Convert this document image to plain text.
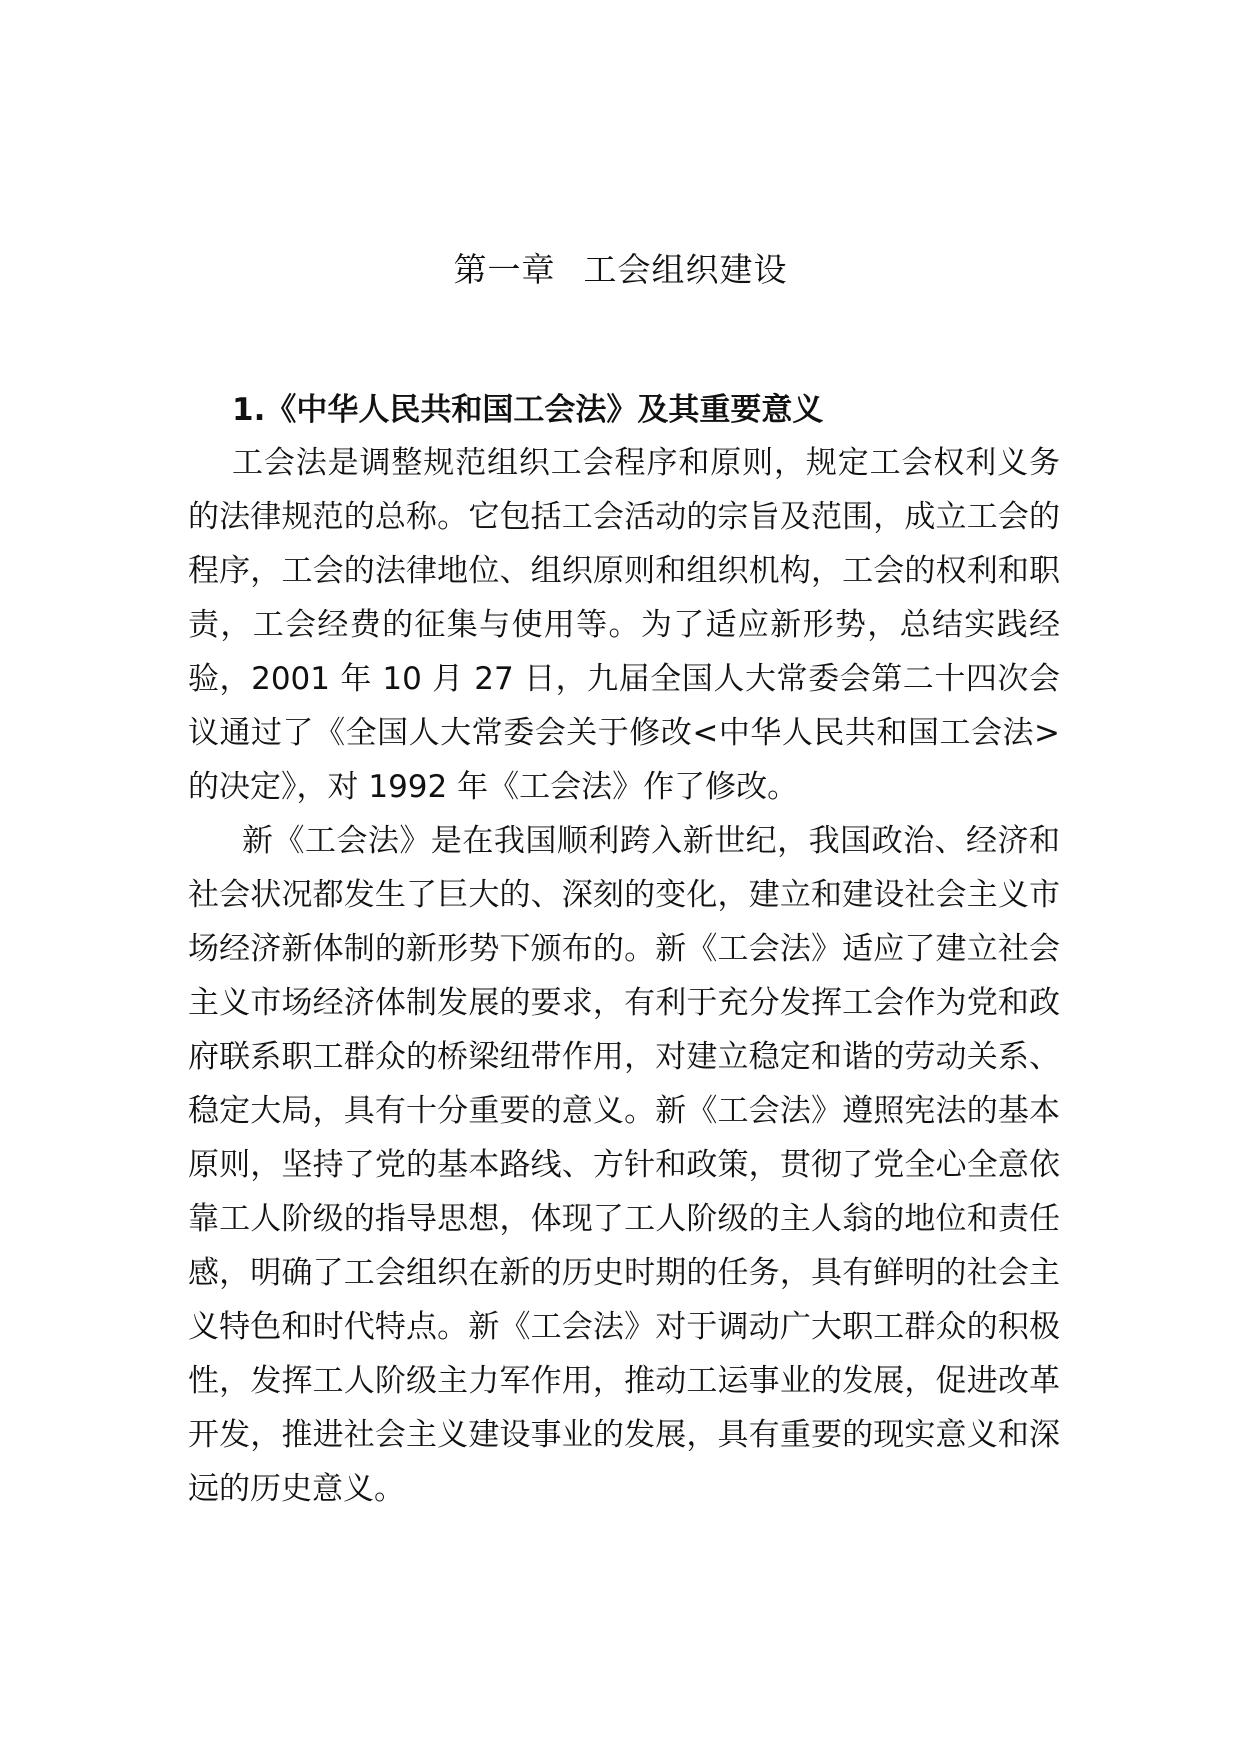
第一章 工会组织建设
1.《中华人民共和国工会法》及其重要意义

工会法是调整规范组织工会程序和原则，规定工会权利义务的法律规范的总称。它包括工会活动的宗旨及范围，成立工会的程序，工会的法律地位、组织原则和组织机构，工会的权利和职责，工会经费的征集与使用等。为了适应新形势，总结实践经验，2001 年 10 月 27 日，九届全国人大常委会第二十四次会议通过了《全国人大常委会关于修改<中华人民共和国工会法>的决定》，对 1992 年《工会法》作了修改。

新《工会法》是在我国顺利跨入新世纪，我国政治、经济和社会状况都发生了巨大的、深刻的变化，建立和建设社会主义市场经济新体制的新形势下颁布的。新《工会法》适应了建立社会主义市场经济体制发展的要求，有利于充分发挥工会作为党和政府联系职工群众的桥梁纽带作用，对建立稳定和谐的劳动关系、稳定大局，具有十分重要的意义。新《工会法》遵照宪法的基本原则，坚持了党的基本路线、方针和政策，贯彻了党全心全意依靠工人阶级的指导思想，体现了工人阶级的主人翁的地位和责任感，明确了工会组织在新的历史时期的任务，具有鲜明的社会主义特色和时代特点。新《工会法》对于调动广大职工群众的积极性，发挥工人阶级主力军作用，推动工运事业的发展，促进改革开发，推进社会主义建设事业的发展，具有重要的现实意义和深远的历史意义。
